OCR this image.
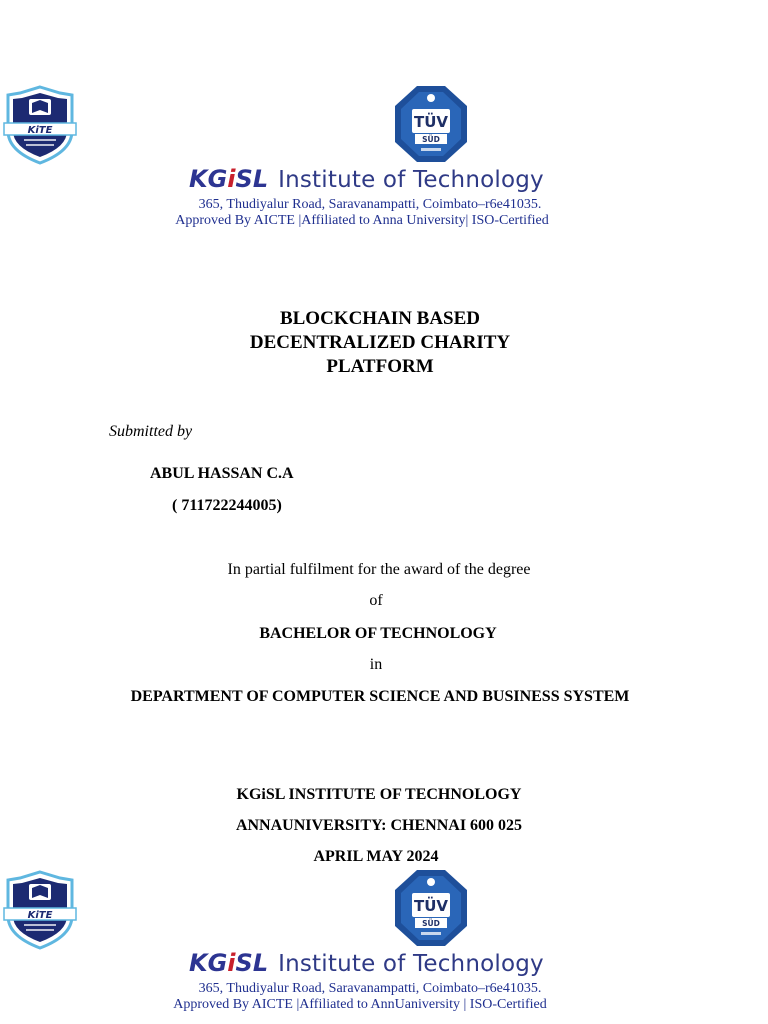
KiTE	TÜV
SÜD
KGiSL Institute of Technology
365, Thudiyalur Road, Saravanampatti, Coimbato–r6e41035.
Approved By AICTE |Affiliated to Anna University| ISO-Certified
BLOCKCHAIN BASED
DECENTRALIZED CHARITY
PLATFORM
Submitted by
ABUL HASSAN C.A
( 711722244005)
In partial fulfilment for the award of the degree
of
BACHELOR OF TECHNOLOGY
in
DEPARTMENT OF COMPUTER SCIENCE AND BUSINESS SYSTEM
KGiSL INSTITUTE OF TECHNOLOGY
ANNAUNIVERSITY: CHENNAI 600 025
APRIL MAY 2024
KiTE
TÜV
SÜD
KGiSL Institute of Technology
365, Thudiyalur Road, Saravanampatti, Coimbato–r6e41035.
Approved By AICTE |Affiliated to AnnUaniversity | ISO-Certified
